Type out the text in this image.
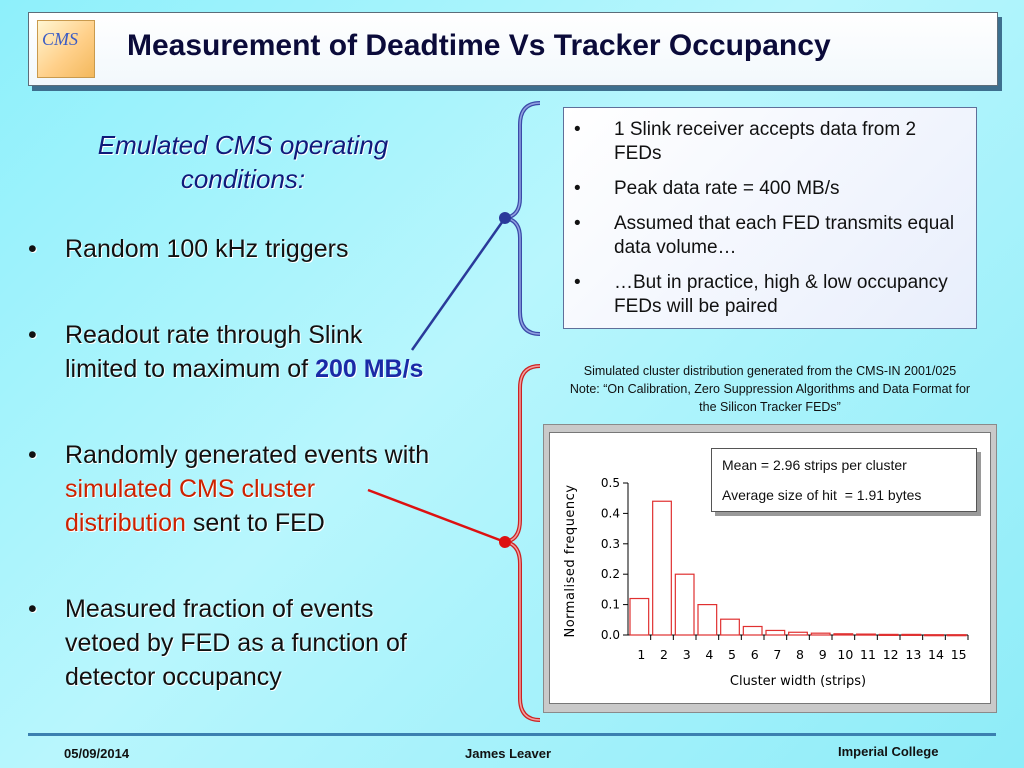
CMS Measurement of Deadtime Vs Tracker Occupancy
Emulated CMS operating
conditions:
• Random 100 kHz triggers
• Readout rate through Slink
limited to maximum of 200 MB/s
• Randomly generated events with
simulated CMS cluster
distribution sent to FED
• Measured fraction of events
vetoed by FED as a function of
detector occupancy
• 1 Slink receiver accepts data from 2 FEDs
• Peak data rate = 400 MB/s
• Assumed that each FED transmits equal data volume…
• …But in practice, high & low occupancy FEDs will be paired
Simulated cluster distribution generated from the CMS-IN 2001/025
Note: “On Calibration, Zero Suppression Algorithms and Data Format for
the Silicon Tracker FEDs”
0.0
0.1
0.2
0.3
0.4
0.5
1 2 3 4 5 6 7 8 9 10 11 12 13 14 15
Cluster width (strips)
Normalised frequency
Mean = 2.96 strips per cluster
Average size of hit  = 1.91 bytes
05/09/2014	James Leaver	Imperial College
